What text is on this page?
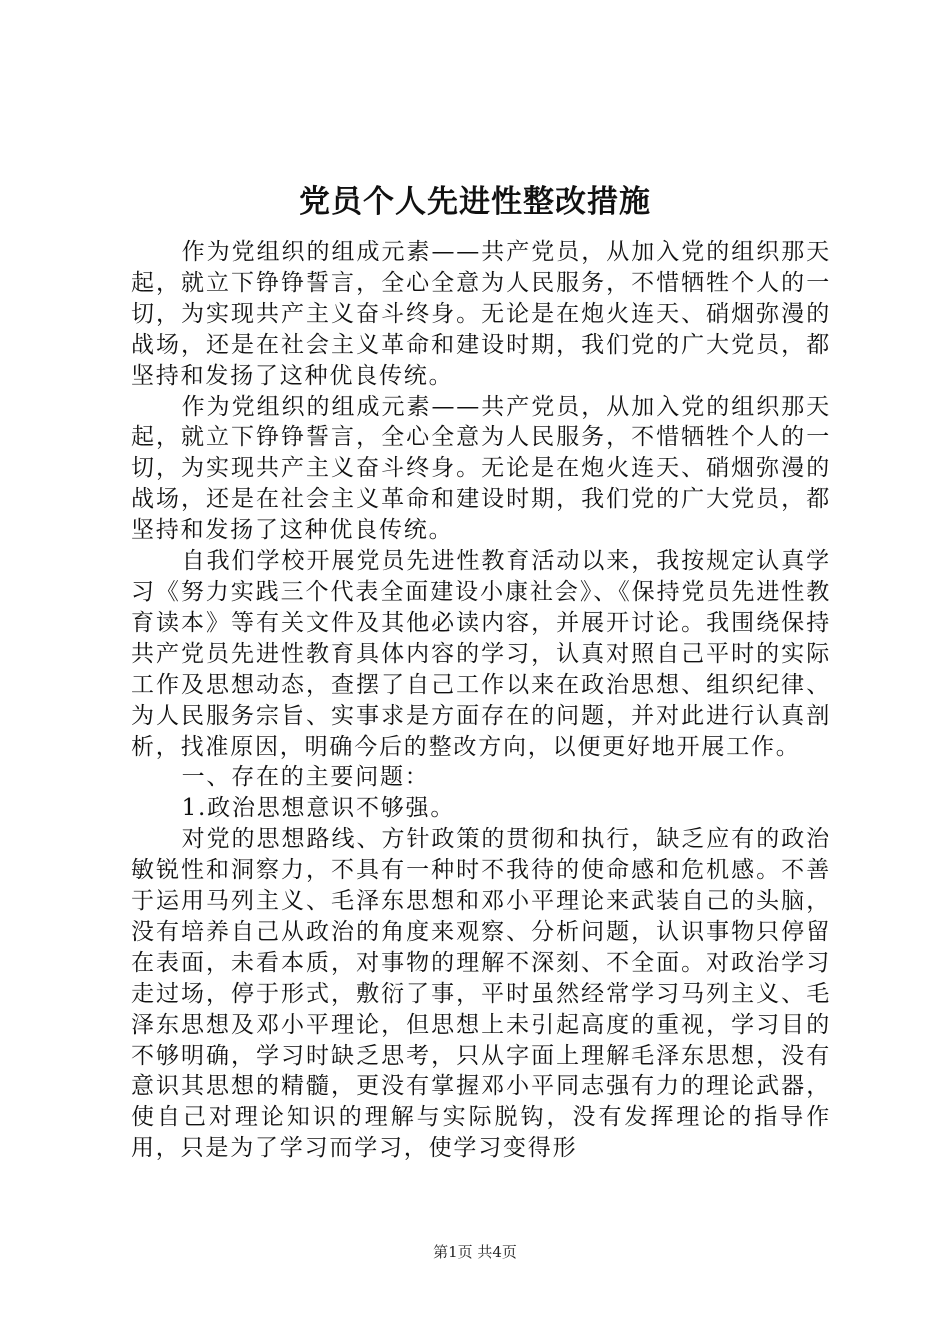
党员个人先进性整改措施

作为党组织的组成元素——共产党员，从加入党的组织那天起，就立下铮铮誓言，全心全意为人民服务，不惜牺牲个人的一切，为实现共产主义奋斗终身。无论是在炮火连天、硝烟弥漫的战场，还是在社会主义革命和建设时期，我们党的广大党员，都坚持和发扬了这种优良传统。

作为党组织的组成元素——共产党员，从加入党的组织那天起，就立下铮铮誓言，全心全意为人民服务，不惜牺牲个人的一切，为实现共产主义奋斗终身。无论是在炮火连天、硝烟弥漫的战场，还是在社会主义革命和建设时期，我们党的广大党员，都坚持和发扬了这种优良传统。

自我们学校开展党员先进性教育活动以来，我按规定认真学习《努力实践三个代表全面建设小康社会》、《保持党员先进性教育读本》等有关文件及其他必读内容，并展开讨论。我围绕保持共产党员先进性教育具体内容的学习，认真对照自己平时的实际工作及思想动态，查摆了自己工作以来在政治思想、组织纪律、为人民服务宗旨、实事求是方面存在的问题，并对此进行认真剖析，找准原因，明确今后的整改方向，以便更好地开展工作。

一、存在的主要问题：

1.政治思想意识不够强。

对党的思想路线、方针政策的贯彻和执行，缺乏应有的政治敏锐性和洞察力，不具有一种时不我待的使命感和危机感。不善于运用马列主义、毛泽东思想和邓小平理论来武装自己的头脑，没有培养自己从政治的角度来观察、分析问题，认识事物只停留在表面，未看本质，对事物的理解不深刻、不全面。对政治学习走过场，停于形式，敷衍了事，平时虽然经常学习马列主义、毛泽东思想及邓小平理论，但思想上未引起高度的重视，学习目的不够明确，学习时缺乏思考，只从字面上理解毛泽东思想，没有意识其思想的精髓，更没有掌握邓小平同志强有力的理论武器，使自己对理论知识的理解与实际脱钩，没有发挥理论的指导作用，只是为了学习而学习，使学习变得形

第1页 共4页
